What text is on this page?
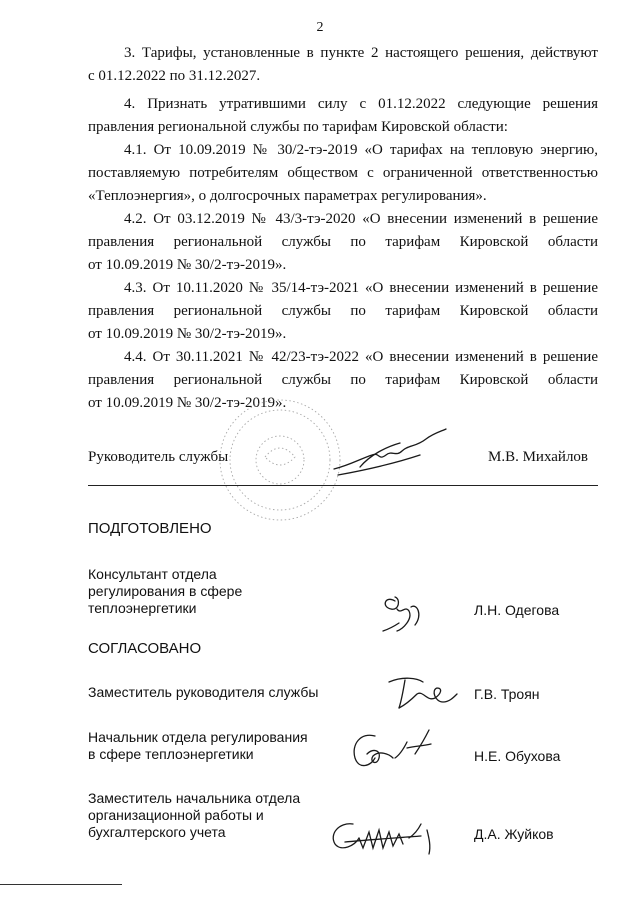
2
3. Тарифы, установленные в пункте 2 настоящего решения, действуют
с 01.12.2022 по 31.12.2027.
4. Признать утратившими силу с 01.12.2022 следующие решения
правления региональной службы по тарифам Кировской области:
4.1. От 10.09.2019 № 30/2-тэ-2019 «О тарифах на тепловую энергию,
поставляемую потребителям обществом с ограниченной ответственностью
«Теплоэнергия», о долгосрочных параметрах регулирования».
4.2. От 03.12.2019 № 43/3-тэ-2020 «О внесении изменений в решение
правления региональной службы по тарифам Кировской области
от 10.09.2019 № 30/2-тэ-2019».
4.3. От 10.11.2020 № 35/14-тэ-2021 «О внесении изменений в решение
правления региональной службы по тарифам Кировской области
от 10.09.2019 № 30/2-тэ-2019».
4.4. От 30.11.2021 № 42/23-тэ-2022 «О внесении изменений в решение
правления региональной службы по тарифам Кировской области
от 10.09.2019 № 30/2-тэ-2019».
Руководитель службы	М.В. Михайлов
ПОДГОТОВЛЕНО
Консультант отдела
регулирования в сфере
теплоэнергетики	Л.Н. Одегова
СОГЛАСОВАНО
Заместитель руководителя службы	Г.В. Троян
Начальник отдела регулирования
в сфере теплоэнергетики	Н.Е. Обухова
Заместитель начальника отдела
организационной работы и
бухгалтерского учета	Д.А. Жуйков
